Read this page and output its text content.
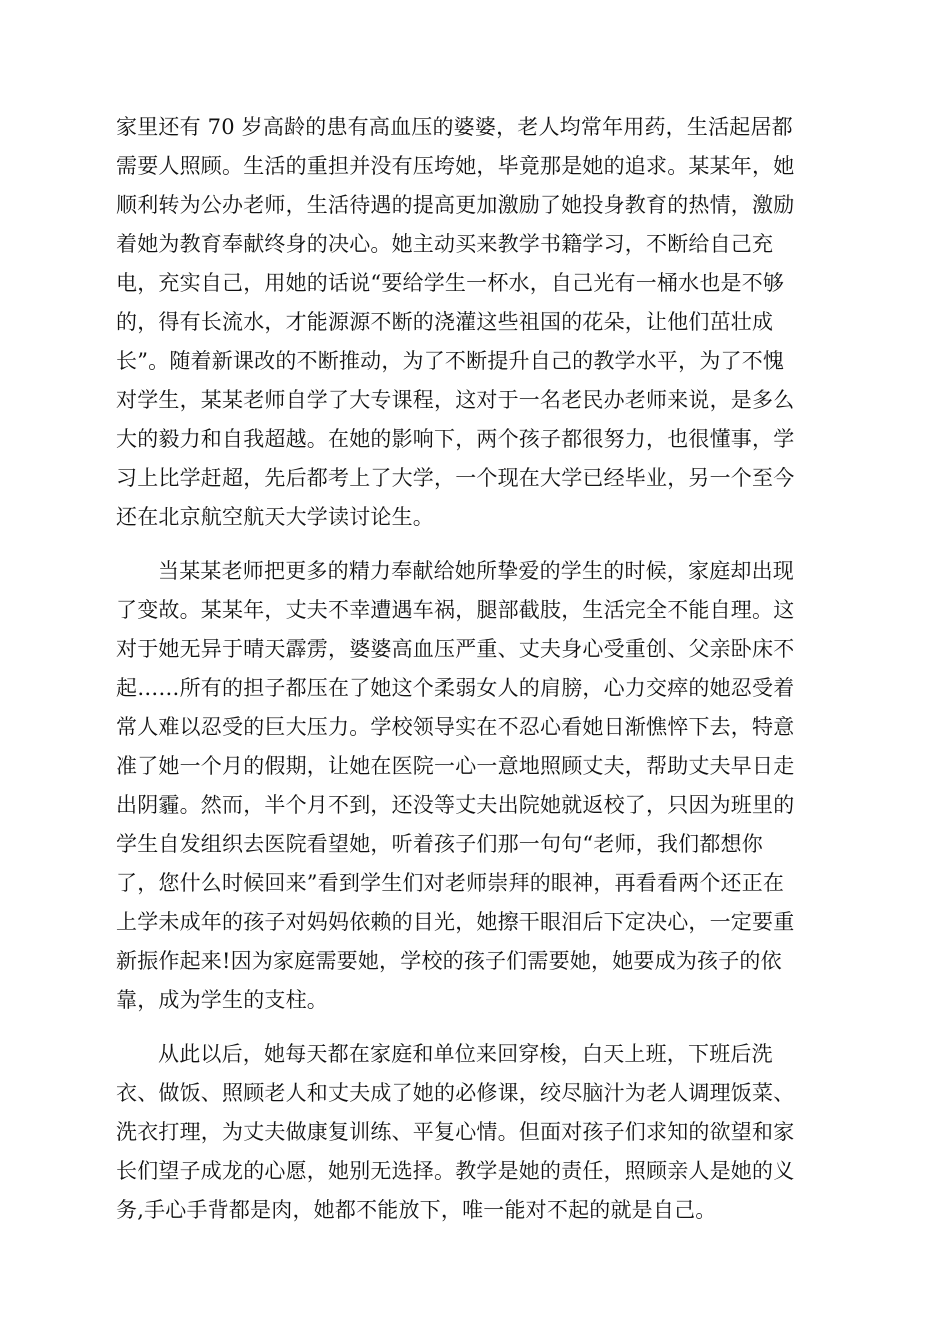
家里还有 70 岁高龄的患有高血压的婆婆，老人均常年用药，生活起居都
需要人照顾。生活的重担并没有压垮她，毕竟那是她的追求。某某年，她
顺利转为公办老师，生活待遇的提高更加激励了她投身教育的热情，激励
着她为教育奉献终身的决心。她主动买来教学书籍学习，不断给自己充
电，充实自己，用她的话说“要给学生一杯水，自己光有一桶水也是不够
的，得有长流水，才能源源不断的浇灌这些祖国的花朵，让他们茁壮成
长”。随着新课改的不断推动，为了不断提升自己的教学水平，为了不愧
对学生，某某老师自学了大专课程，这对于一名老民办老师来说，是多么
大的毅力和自我超越。在她的影响下，两个孩子都很努力，也很懂事，学
习上比学赶超，先后都考上了大学，一个现在大学已经毕业，另一个至今
还在北京航空航天大学读讨论生。
当某某老师把更多的精力奉献给她所挚爱的学生的时候，家庭却出现
了变故。某某年，丈夫不幸遭遇车祸，腿部截肢，生活完全不能自理。这
对于她无异于晴天霹雳，婆婆高血压严重、丈夫身心受重创、父亲卧床不
起……所有的担子都压在了她这个柔弱女人的肩膀，心力交瘁的她忍受着
常人难以忍受的巨大压力。学校领导实在不忍心看她日渐憔悴下去，特意
准了她一个月的假期，让她在医院一心一意地照顾丈夫，帮助丈夫早日走
出阴霾。然而，半个月不到，还没等丈夫出院她就返校了，只因为班里的
学生自发组织去医院看望她，听着孩子们那一句句“老师，我们都想你
了，您什么时候回来”看到学生们对老师崇拜的眼神，再看看两个还正在
上学未成年的孩子对妈妈依赖的目光，她擦干眼泪后下定决心，一定要重
新振作起来!因为家庭需要她，学校的孩子们需要她，她要成为孩子的依
靠，成为学生的支柱。
从此以后，她每天都在家庭和单位来回穿梭，白天上班，下班后洗
衣、做饭、照顾老人和丈夫成了她的必修课，绞尽脑汁为老人调理饭菜、
洗衣打理，为丈夫做康复训练、平复心情。但面对孩子们求知的欲望和家
长们望子成龙的心愿，她别无选择。教学是她的责任，照顾亲人是她的义
务,手心手背都是肉，她都不能放下，唯一能对不起的就是自己。
